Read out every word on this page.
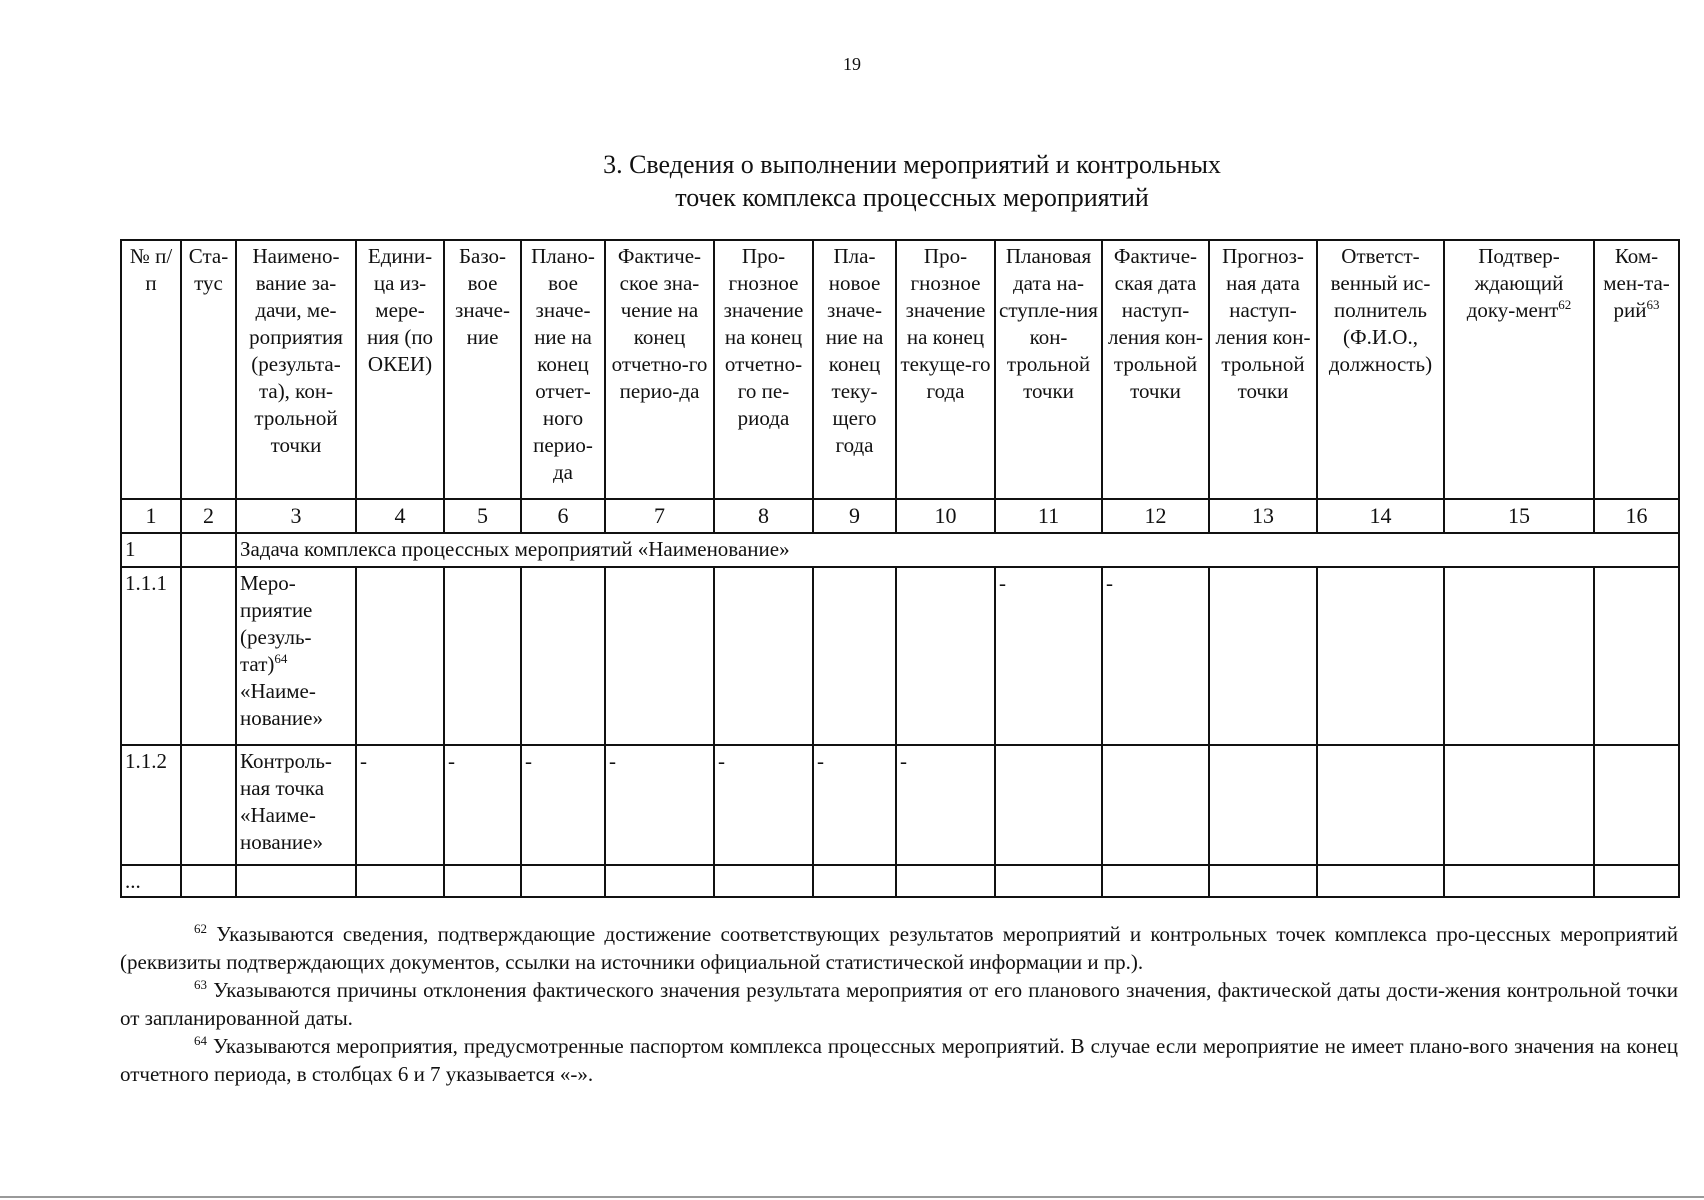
19
3. Сведения о выполнении мероприятий и контрольных
точек комплекса процессных мероприятий
№ п/п	Ста-тус	Наимено-вание за-дачи, ме-роприятия (результа-та), кон-трольной точки	Едини-ца из-мере-ния (по ОКЕИ)	Базо-вое значе-ние	Плано-вое значе-ние на конец отчет-ного перио-да	Фактиче-ское зна-чение на конец отчетно-го перио-да	Про-гнозное значение на конец отчетно-го пе-риода	Пла-новое значе-ние на конец теку-щего года	Про-гнозное значение на конец текуще-го года	Плановая дата на-ступле-ния кон-трольной точки	Фактиче-ская дата наступ-ления кон-трольной точки	Прогноз-ная дата наступ-ления кон-трольной точки	Ответст-венный ис-полнитель (Ф.И.О., должность)	Подтвер-ждающий доку-мент$^{62}$	Ком-мен-та-рий$^{63}$
1	2	3	4	5	6	7	8	9	10	11	12	13	14	15	16
1		Задача комплекса процессных мероприятий «Наименование»													
1.1.1		Меро-приятие (резуль-тат)$^{64}$ «Наиме-нование»								-	-				
1.1.2		Контроль-ная точка «Наиме-нование»	-	-	-	-	-	-	-						
...															

$^{62}$ Указываются сведения, подтверждающие достижение соответствующих результатов мероприятий и контрольных точек комплекса про-цессных мероприятий (реквизиты подтверждающих документов, ссылки на источники официальной статистической информации и пр.).

$^{63}$ Указываются причины отклонения фактического значения результата мероприятия от его планового значения, фактической даты дости-жения контрольной точки от запланированной даты.

$^{64}$ Указываются мероприятия, предусмотренные паспортом комплекса процессных мероприятий. В случае если мероприятие не имеет плано-вого значения на конец отчетного периода, в столбцах 6 и 7 указывается «-».
